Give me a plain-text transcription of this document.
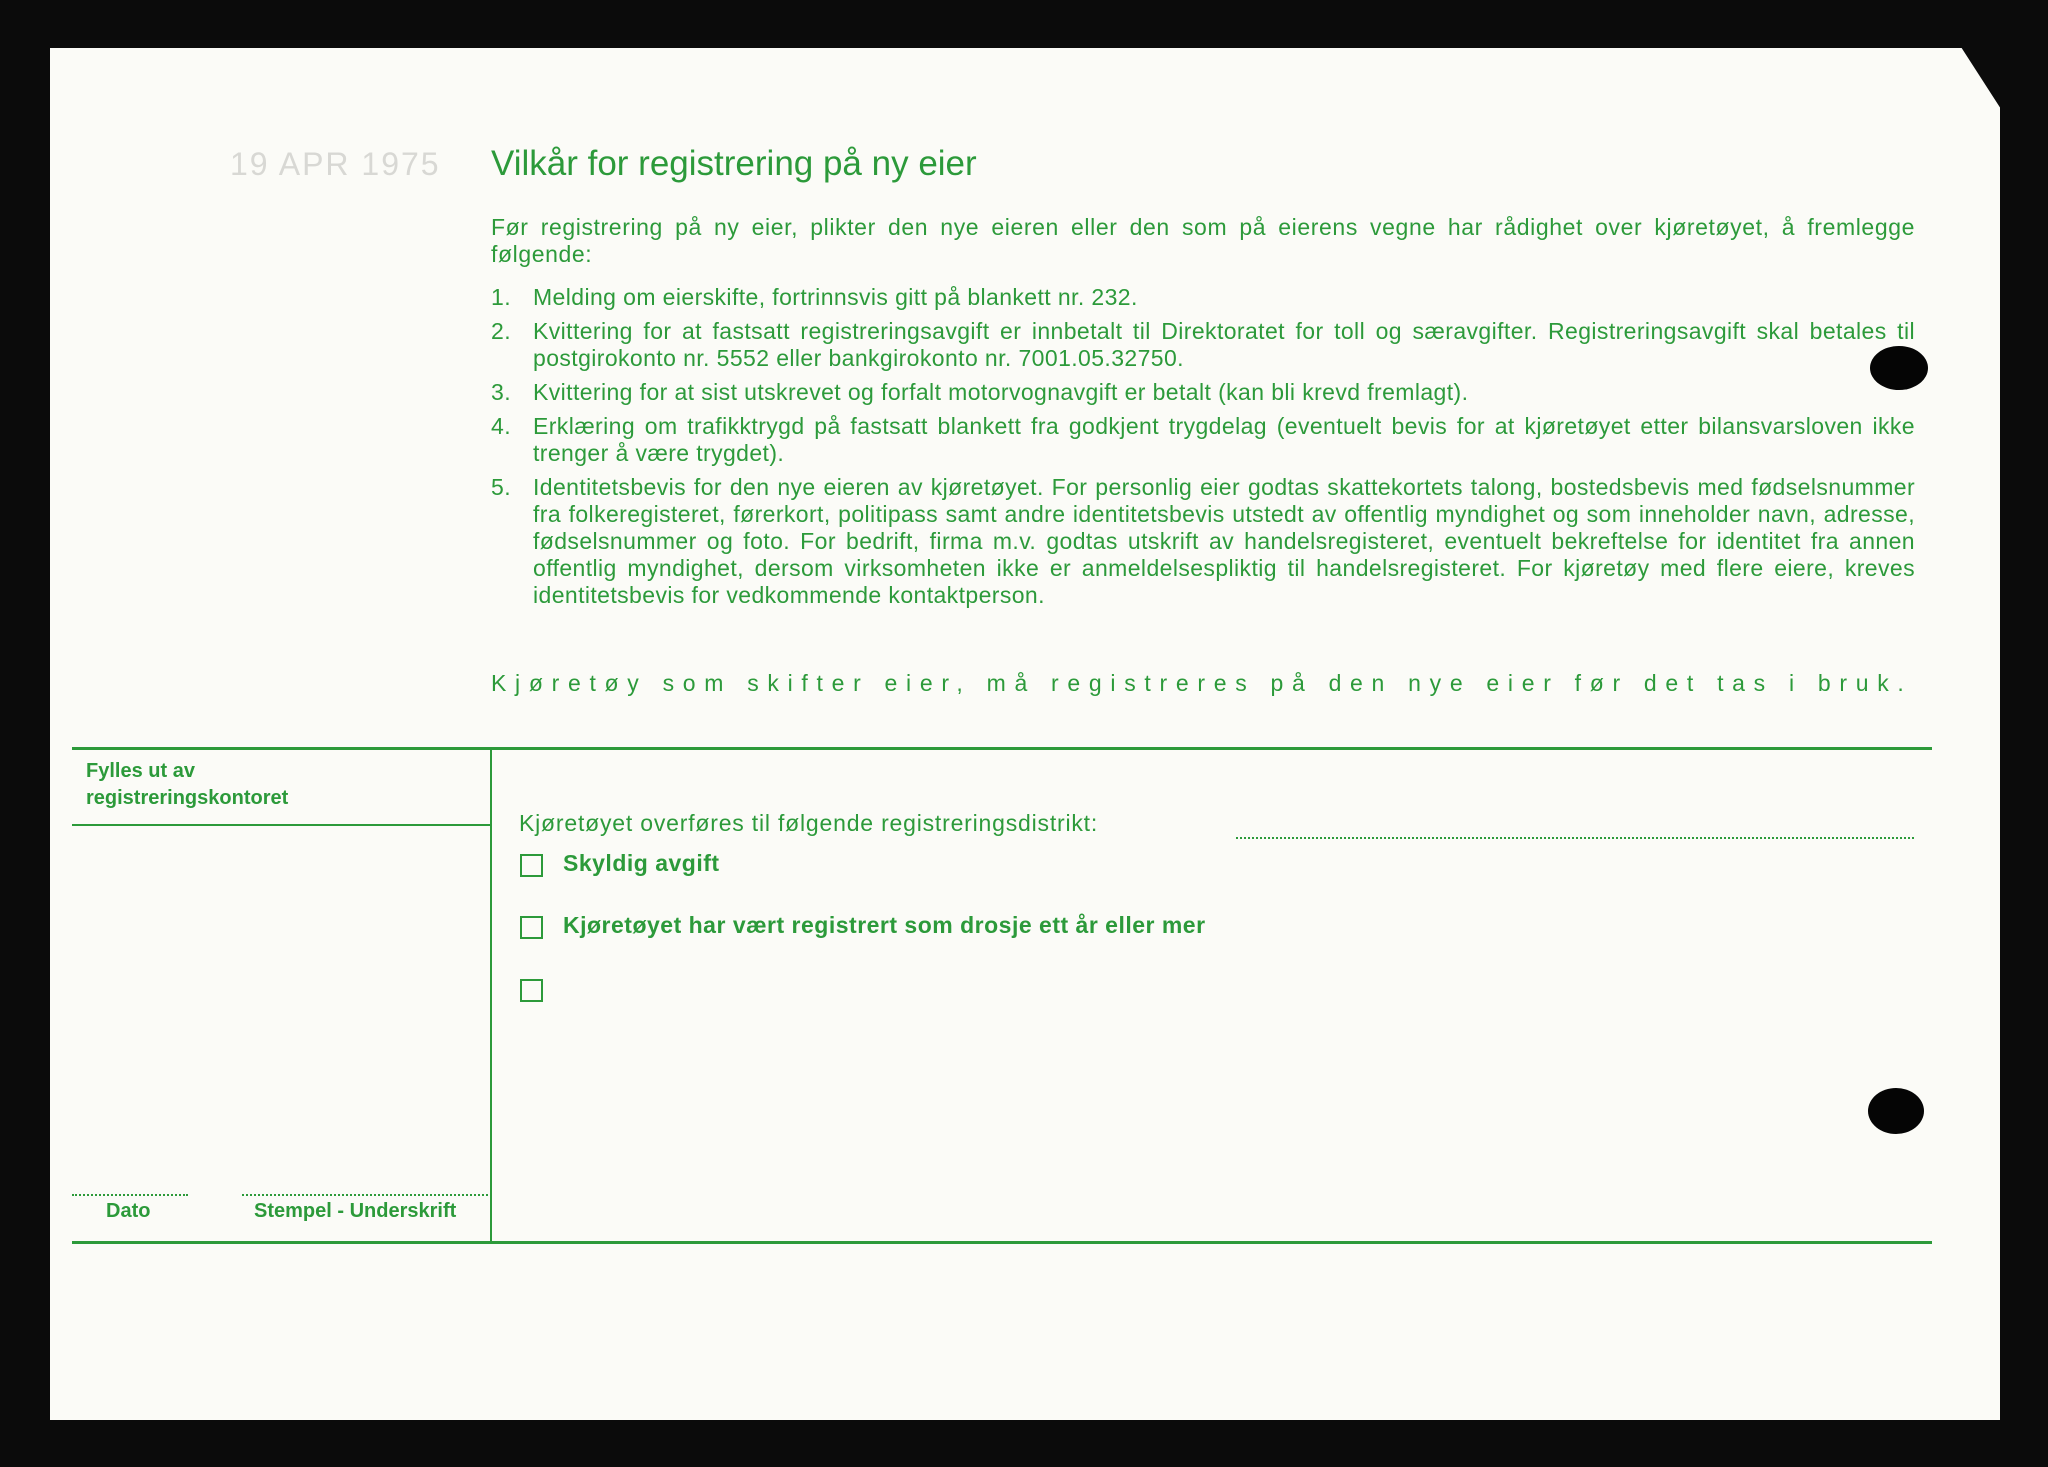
19 APR 1975 Vilkår for registrering på ny eier

Før registrering på ny eier, plikter den nye eieren eller den som på eierens vegne har rådighet over kjøretøyet, å fremlegge følgende:

1. Melding om eierskifte, fortrinnsvis gitt på blankett nr. 232.
2. Kvittering for at fastsatt registreringsavgift er innbetalt til Direktoratet for toll og særavgifter. Registreringsavgift skal betales til postgirokonto nr. 5552 eller bankgirokonto nr. 7001.05.32750.
3. Kvittering for at sist utskrevet og forfalt motorvognavgift er betalt (kan bli krevd fremlagt).
4. Erklæring om trafikktrygd på fastsatt blankett fra godkjent trygdelag (eventuelt bevis for at kjøretøyet etter bilansvarsloven ikke trenger å være trygdet).
5. Identitetsbevis for den nye eieren av kjøretøyet. For personlig eier godtas skattekortets talong, bostedsbevis med fødselsnummer fra folkeregisteret, førerkort, politipass samt andre identitetsbevis utstedt av offentlig myndighet og som inneholder navn, adresse, fødselsnummer og foto. For bedrift, firma m.v. godtas utskrift av handelsregisteret, eventuelt bekreftelse for identitet fra annen offentlig myndighet, dersom virksomheten ikke er anmeldelsespliktig til handelsregisteret. For kjøretøy med flere eiere, kreves identitetsbevis for vedkommende kontaktperson.

Kjøretøy som skifter eier, må registreres på den nye eier før det tas i bruk.

Fylles ut av
registreringskontoret
Dato	Stempel - Underskrift
Kjøretøyet overføres til følgende registreringsdistrikt:
Skyldig avgift
Kjøretøyet har vært registrert som drosje ett år eller mer
